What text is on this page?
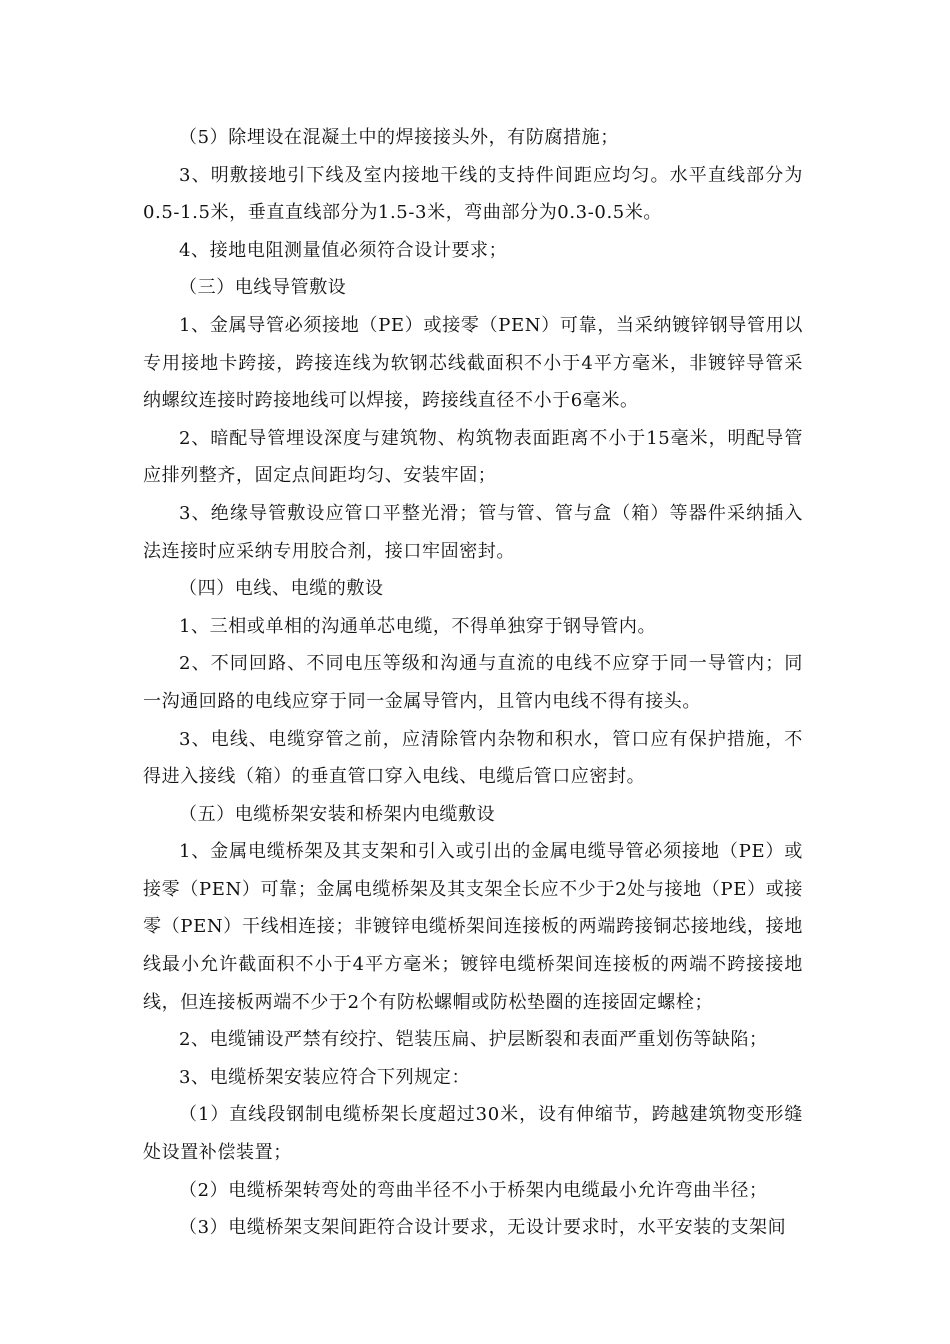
（5）除埋设在混凝土中的焊接接头外，有防腐措施；

3、明敷接地引下线及室内接地干线的支持件间距应均匀。水平直线部分为0.5-1.5米，垂直直线部分为1.5-3米，弯曲部分为0.3-0.5米。

4、接地电阻测量值必须符合设计要求；

（三）电线导管敷设

1、金属导管必须接地（PE）或接零（PEN）可靠，当采纳镀锌钢导管用以专用接地卡跨接，跨接连线为软钢芯线截面积不小于4平方毫米，非镀锌导管采纳螺纹连接时跨接地线可以焊接，跨接线直径不小于6毫米。

2、暗配导管埋设深度与建筑物、构筑物表面距离不小于15毫米，明配导管应排列整齐，固定点间距均匀、安装牢固；

3、绝缘导管敷设应管口平整光滑；管与管、管与盒（箱）等器件采纳插入法连接时应采纳专用胶合剂，接口牢固密封。

（四）电线、电缆的敷设

1、三相或单相的沟通单芯电缆，不得单独穿于钢导管内。

2、不同回路、不同电压等级和沟通与直流的电线不应穿于同一导管内；同一沟通回路的电线应穿于同一金属导管内，且管内电线不得有接头。

3、电线、电缆穿管之前，应清除管内杂物和积水，管口应有保护措施，不得进入接线（箱）的垂直管口穿入电线、电缆后管口应密封。

（五）电缆桥架安装和桥架内电缆敷设

1、金属电缆桥架及其支架和引入或引出的金属电缆导管必须接地（PE）或接零（PEN）可靠；金属电缆桥架及其支架全长应不少于2处与接地（PE）或接零（PEN）干线相连接；非镀锌电缆桥架间连接板的两端跨接铜芯接地线，接地线最小允许截面积不小于4平方毫米；镀锌电缆桥架间连接板的两端不跨接接地线，但连接板两端不少于2个有防松螺帽或防松垫圈的连接固定螺栓；

2、电缆铺设严禁有绞拧、铠装压扁、护层断裂和表面严重划伤等缺陷；

3、电缆桥架安装应符合下列规定：

（1）直线段钢制电缆桥架长度超过30米，设有伸缩节，跨越建筑物变形缝处设置补偿装置；

（2）电缆桥架转弯处的弯曲半径不小于桥架内电缆最小允许弯曲半径；

（3）电缆桥架支架间距符合设计要求，无设计要求时，水平安装的支架间
